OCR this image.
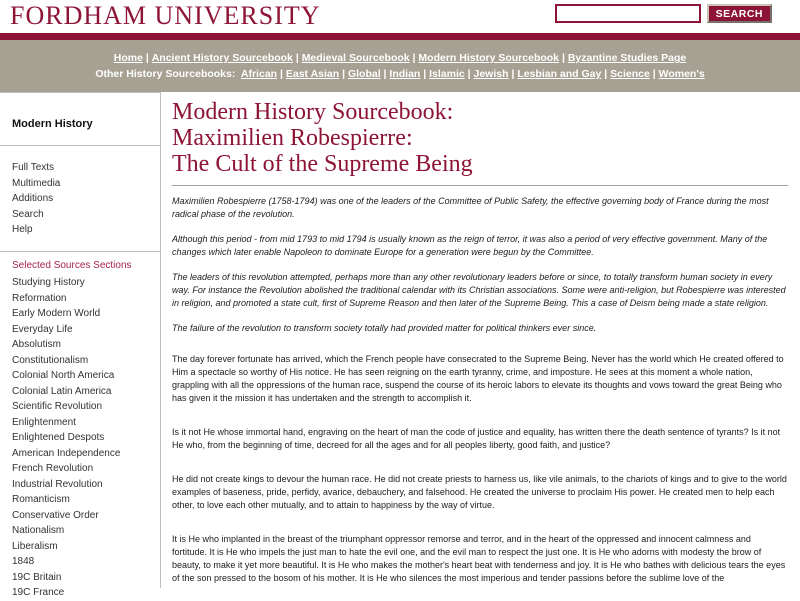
FORDHAM UNIVERSITY	SEARCH
Home | Ancient History Sourcebook | Medieval Sourcebook | Modern History Sourcebook | Byzantine Studies Page
Other History Sourcebooks: African | East Asian | Global | Indian | Islamic | Jewish | Lesbian and Gay | Science | Women's
Modern History
Full Texts
Multimedia
Additions
Search
Help
Selected Sources Sections
Studying History
Reformation
Early Modern World
Everyday Life
Absolutism
Constitutionalism
Colonial North America
Colonial Latin America
Scientific Revolution
Enlightenment
Enlightened Despots
American Independence
French Revolution
Industrial Revolution
Romanticism
Conservative Order
Nationalism
Liberalism
1848
19C Britain
19C France
Modern History Sourcebook:
Maximilien Robespierre:
The Cult of the Supreme Being

Maximilien Robespierre (1758-1794) was one of the leaders of the Committee of Public Safety, the effective governing body of France during the most radical phase of the revolution.

Although this period - from mid 1793 to mid 1794 is usually known as the reign of terror, it was also a period of very effective government. Many of the changes which later enable Napoleon to dominate Europe for a generation were begun by the Committee.

The leaders of this revolution attempted, perhaps more than any other revolutionary leaders before or since, to totally transform human society in every way. For instance the Revolution abolished the traditional calendar with its Christian associations. Some were anti-religion, but Robespierre was interested in religion, and promoted a state cult, first of Supreme Reason and then later of the Supreme Being. This a case of Deism being made a state religion.

The failure of the revolution to transform society totally had provided matter for political thinkers ever since.

The day forever fortunate has arrived, which the French people have consecrated to the Supreme Being. Never has the world which He created offered to Him a spectacle so worthy of His notice. He has seen reigning on the earth tyranny, crime, and imposture. He sees at this moment a whole nation, grappling with all the oppressions of the human race, suspend the course of its heroic labors to elevate its thoughts and vows toward the great Being who has given it the mission it has undertaken and the strength to accomplish it.

Is it not He whose immortal hand, engraving on the heart of man the code of justice and equality, has written there the death sentence of tyrants? Is it not He who, from the beginning of time, decreed for all the ages and for all peoples liberty, good faith, and justice?

He did not create kings to devour the human race. He did not create priests to harness us, like vile animals, to the chariots of kings and to give to the world examples of baseness, pride, perfidy, avarice, debauchery, and falsehood. He created the universe to proclaim His power. He created men to help each other, to love each other mutually, and to attain to happiness by the way of virtue.

It is He who implanted in the breast of the triumphant oppressor remorse and terror, and in the heart of the oppressed and innocent calmness and fortitude. It is He who impels the just man to hate the evil one, and the evil man to respect the just one. It is He who adorns with modesty the brow of beauty, to make it yet more beautiful. It is He who makes the mother's heart beat with tenderness and joy. It is He who bathes with delicious tears the eyes of the son pressed to the bosom of his mother. It is He who silences the most imperious and tender passions before the sublime love of the
